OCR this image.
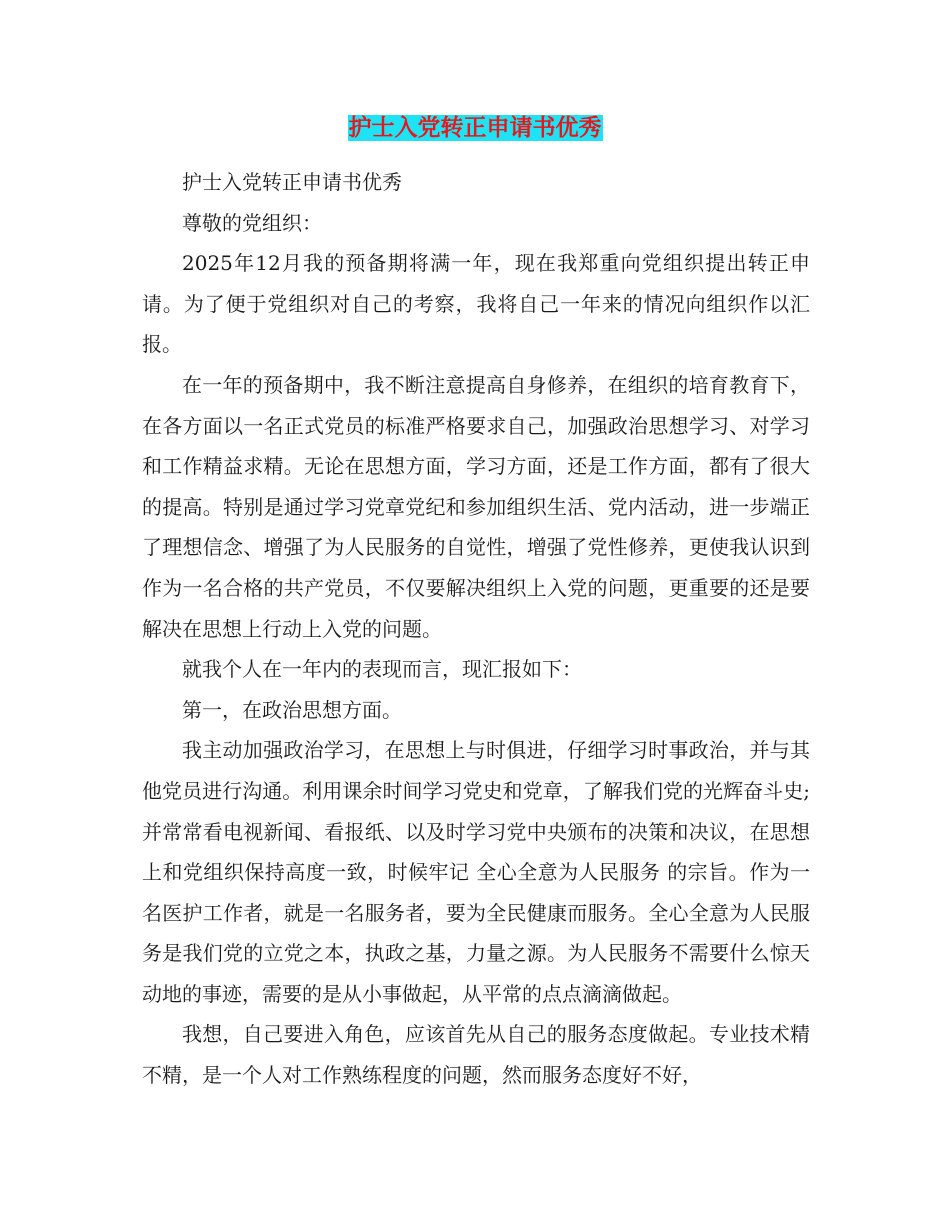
护士入党转正申请书优秀

护士入党转正申请书优秀

尊敬的党组织：

2025年12月我的预备期将满一年，现在我郑重向党组织提出转正申请。为了便于党组织对自己的考察，我将自己一年来的情况向组织作以汇报。

在一年的预备期中，我不断注意提高自身修养，在组织的培育教育下，在各方面以一名正式党员的标准严格要求自己，加强政治思想学习、对学习和工作精益求精。无论在思想方面，学习方面，还是工作方面，都有了很大的提高。特别是通过学习党章党纪和参加组织生活、党内活动，进一步端正了理想信念、增强了为人民服务的自觉性，增强了党性修养，更使我认识到作为一名合格的共产党员，不仅要解决组织上入党的问题，更重要的还是要解决在思想上行动上入党的问题。

就我个人在一年内的表现而言，现汇报如下：

第一，在政治思想方面。

我主动加强政治学习，在思想上与时俱进，仔细学习时事政治，并与其他党员进行沟通。利用课余时间学习党史和党章，了解我们党的光辉奋斗史;并常常看电视新闻、看报纸、以及时学习党中央颁布的决策和决议，在思想上和党组织保持高度一致，时候牢记 全心全意为人民服务 的宗旨。作为一名医护工作者，就是一名服务者，要为全民健康而服务。全心全意为人民服务是我们党的立党之本，执政之基，力量之源。为人民服务不需要什么惊天动地的事迹，需要的是从小事做起，从平常的点点滴滴做起。

我想，自己要进入角色，应该首先从自己的服务态度做起。专业技术精不精，是一个人对工作熟练程度的问题，然而服务态度好不好，
